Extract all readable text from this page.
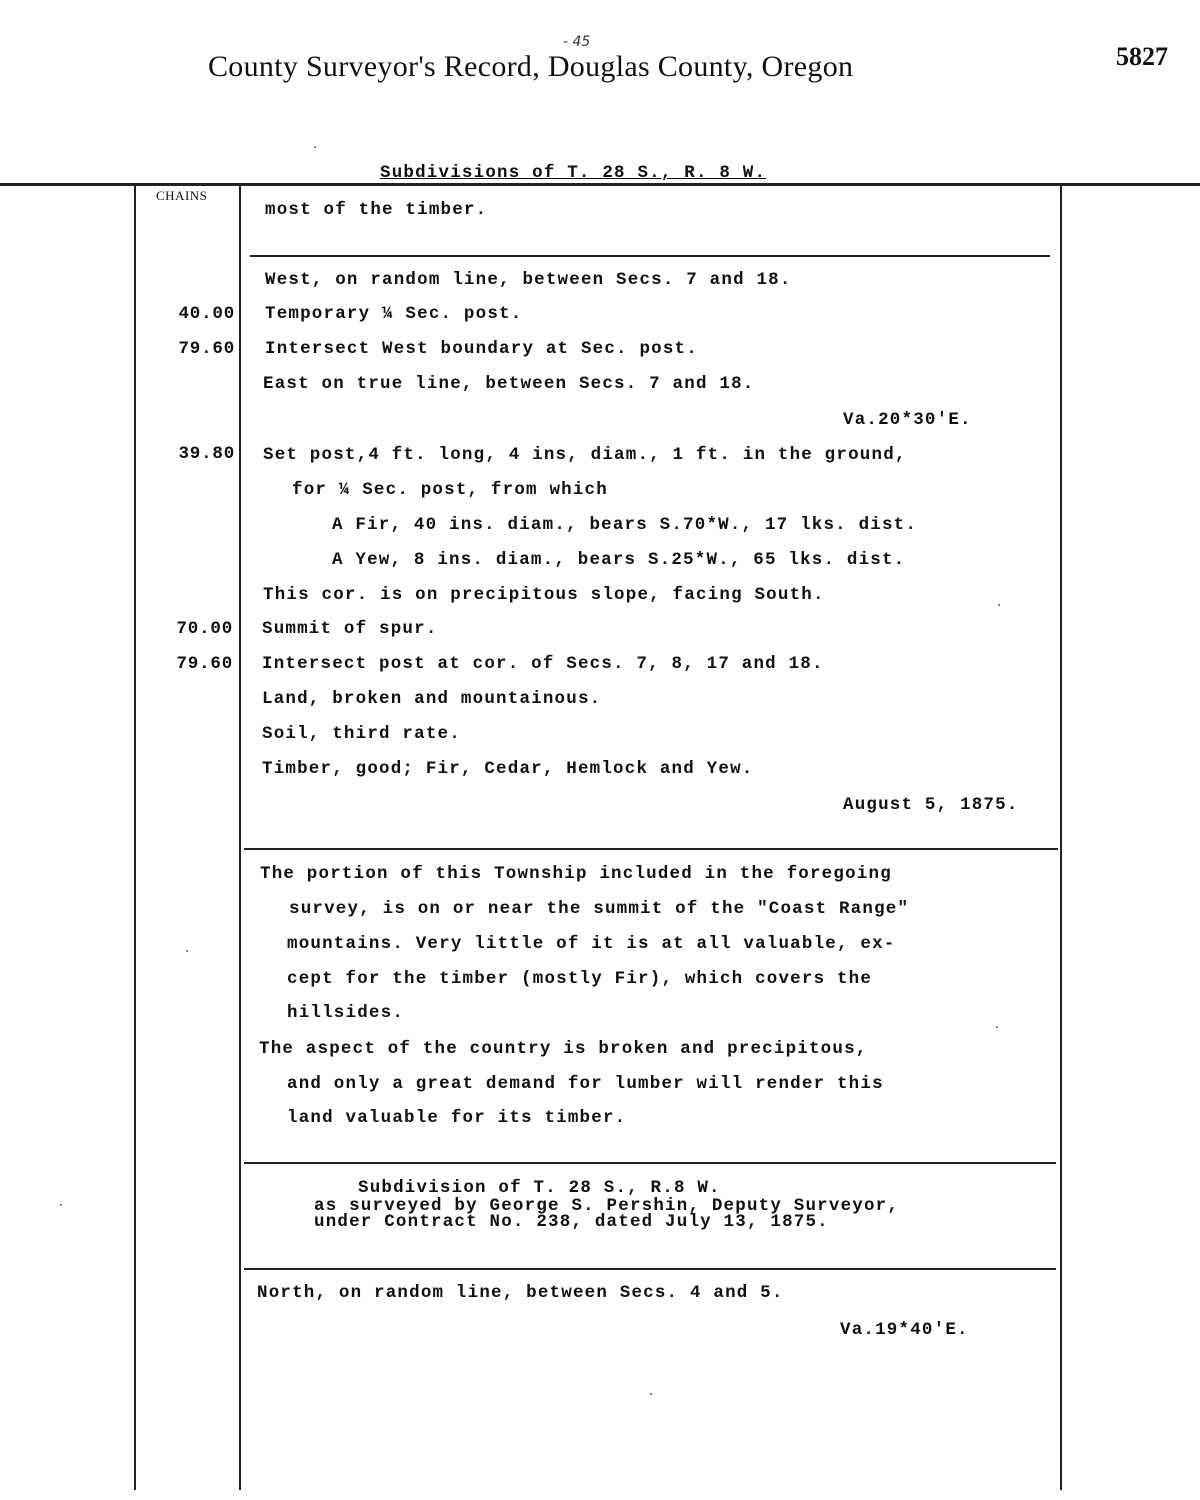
- 45
County Surveyor's Record, Douglas County, Oregon	5827
Subdivisions of T. 28 S., R. 8 W.
CHAINS
most of the timber.
West, on random line, between Secs. 7 and 18.
40.00 Temporary ¼ Sec. post.
79.60 Intersect West boundary at Sec. post.
East on true line, between Secs. 7 and 18.
Va.20*30'E.
39.80 Set post,4 ft. long, 4 ins, diam., 1 ft. in the ground,
for ¼ Sec. post, from which
A Fir, 40 ins. diam., bears S.70*W., 17 lks. dist.
A Yew, 8 ins. diam., bears S.25*W., 65 lks. dist.
This cor. is on precipitous slope, facing South.
70.00 Summit of spur.
79.60 Intersect post at cor. of Secs. 7, 8, 17 and 18.
Land, broken and mountainous.
Soil, third rate.
Timber, good; Fir, Cedar, Hemlock and Yew.
August 5, 1875.
The portion of this Township included in the foregoing
survey, is on or near the summit of the "Coast Range"
mountains. Very little of it is at all valuable, ex-
cept for the timber (mostly Fir), which covers the
hillsides.
The aspect of the country is broken and precipitous,
and only a great demand for lumber will render this
land valuable for its timber.
Subdivision of T. 28 S., R.8 W.
as surveyed by George S. Pershin, Deputy Surveyor,
under Contract No. 238, dated July 13, 1875.
North, on random line, between Secs. 4 and 5.
Va.19*40'E.
